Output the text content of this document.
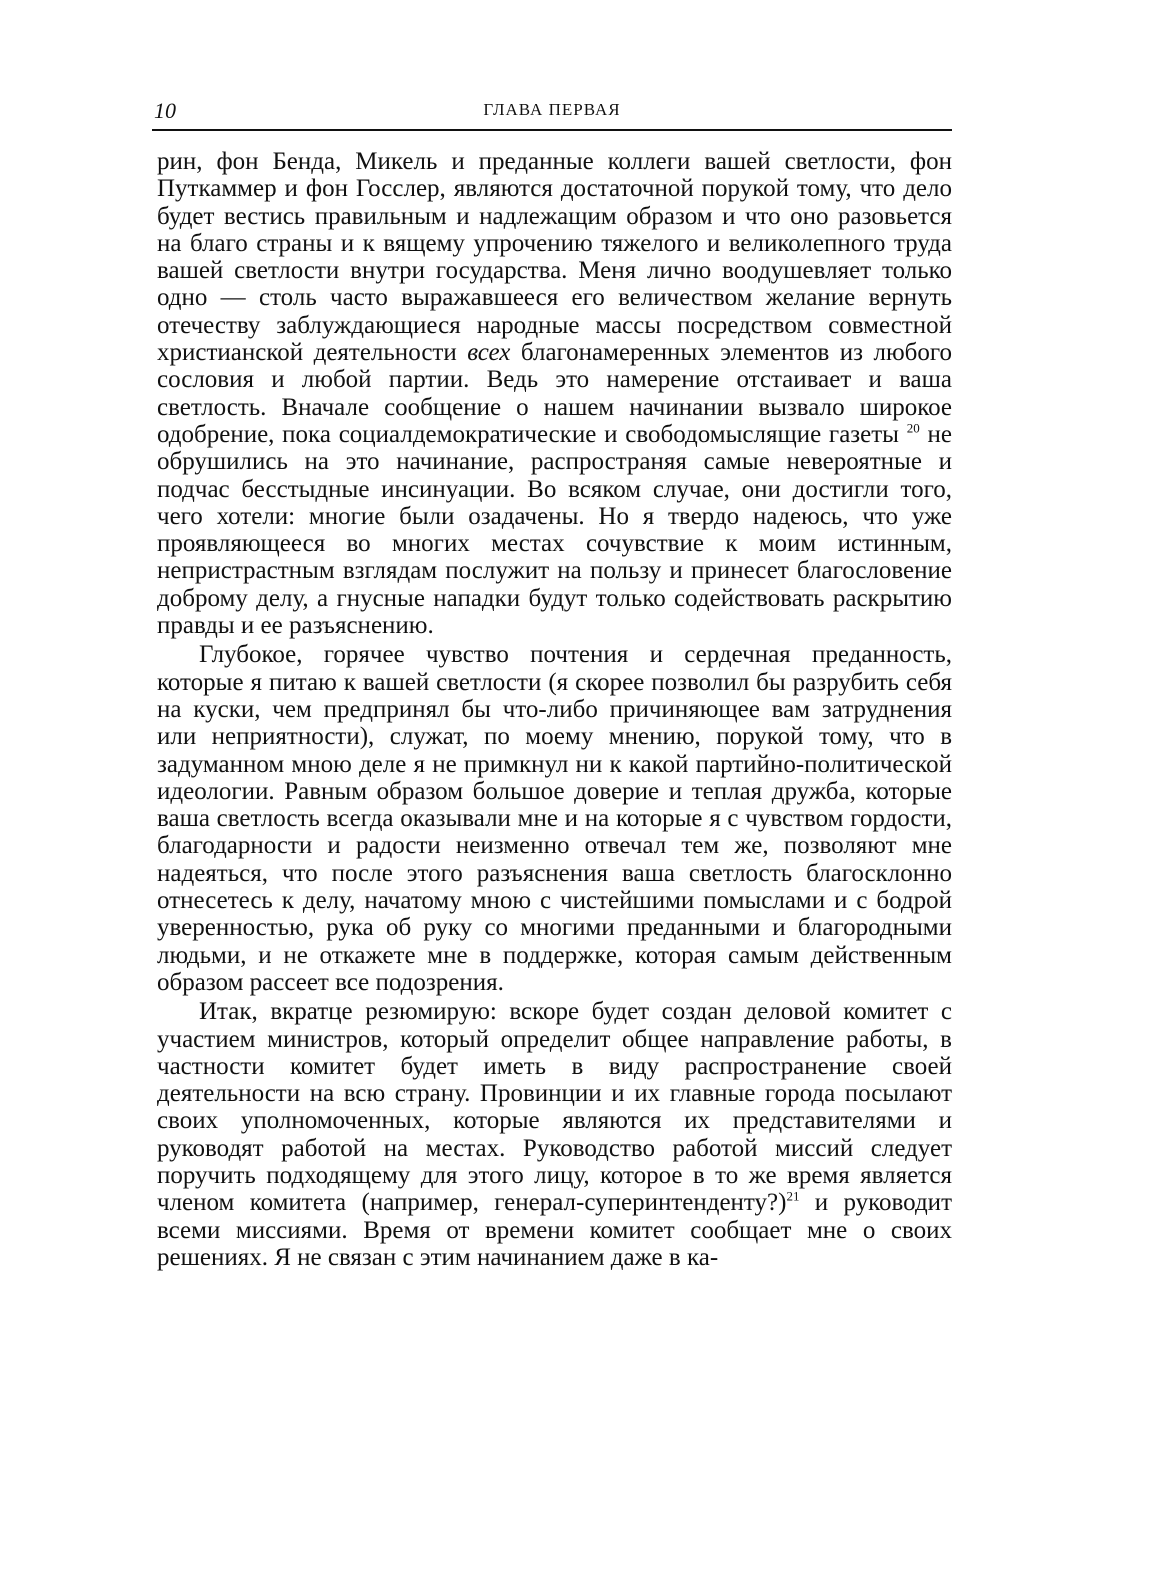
10	ГЛАВА ПЕРВАЯ

рин, фон Бенда, Микель и преданные коллеги вашей светлости, фон Путкаммер и фон Госслер, являются достаточной порукой тому, что дело будет вестись правильным и надлежащим образом и что оно разовьется на благо страны и к вящему упрочению тяжелого и великолепного труда вашей светлости внутри государства. Меня лично воодушевляет только одно — столь часто выражавшееся его величеством желание вернуть отечеству заблуждающиеся народные массы посредством совместной христианской деятельности всех благонамеренных элементов из любого сословия и любой партии. Ведь это намерение отстаивает и ваша светлость. Вначале сообщение о нашем начинании вызвало широкое одобрение, пока социалдемократические и свободомыслящие газеты $^{20}$ не обрушились на это начинание, распространяя самые невероятные и подчас бесстыдные инсинуации. Во всяком случае, они достигли того, чего хотели: многие были озадачены. Но я твердо надеюсь, что уже проявляющееся во многих местах сочувствие к моим истинным, непристрастным взглядам послужит на пользу и принесет благословение доброму делу, а гнусные нападки будут только содействовать раскрытию правды и ее разъяснению.

Глубокое, горячее чувство почтения и сердечная преданность, которые я питаю к вашей светлости (я скорее позволил бы разрубить себя на куски, чем предпринял бы что-либо причиняющее вам затруднения или неприятности), служат, по моему мнению, порукой тому, что в задуманном мною деле я не примкнул ни к какой партийно-политической идеологии. Равным образом большое доверие и теплая дружба, которые ваша светлость всегда оказывали мне и на которые я с чувством гордости, благодарности и радости неизменно отвечал тем же, позволяют мне надеяться, что после этого разъяснения ваша светлость благосклонно отнесетесь к делу, начатому мною с чистейшими помыслами и с бодрой уверенностью, рука об руку со многими преданными и благородными людьми, и не откажете мне в поддержке, которая самым действенным образом рассеет все подозрения.

Итак, вкратце резюмирую: вскоре будет создан деловой комитет с участием министров, который определит общее направление работы, в частности комитет будет иметь в виду распространение своей деятельности на всю страну. Провинции и их главные города посылают своих уполномоченных, которые являются их представителями и руководят работой на местах. Руководство работой миссий следует поручить подходящему для этого лицу, которое в то же время является членом комитета (например, генерал-суперинтенденту?)$^{21}$ и руководит всеми миссиями. Время от времени комитет сообщает мне о своих решениях. Я не связан с этим начинанием даже в ка-
